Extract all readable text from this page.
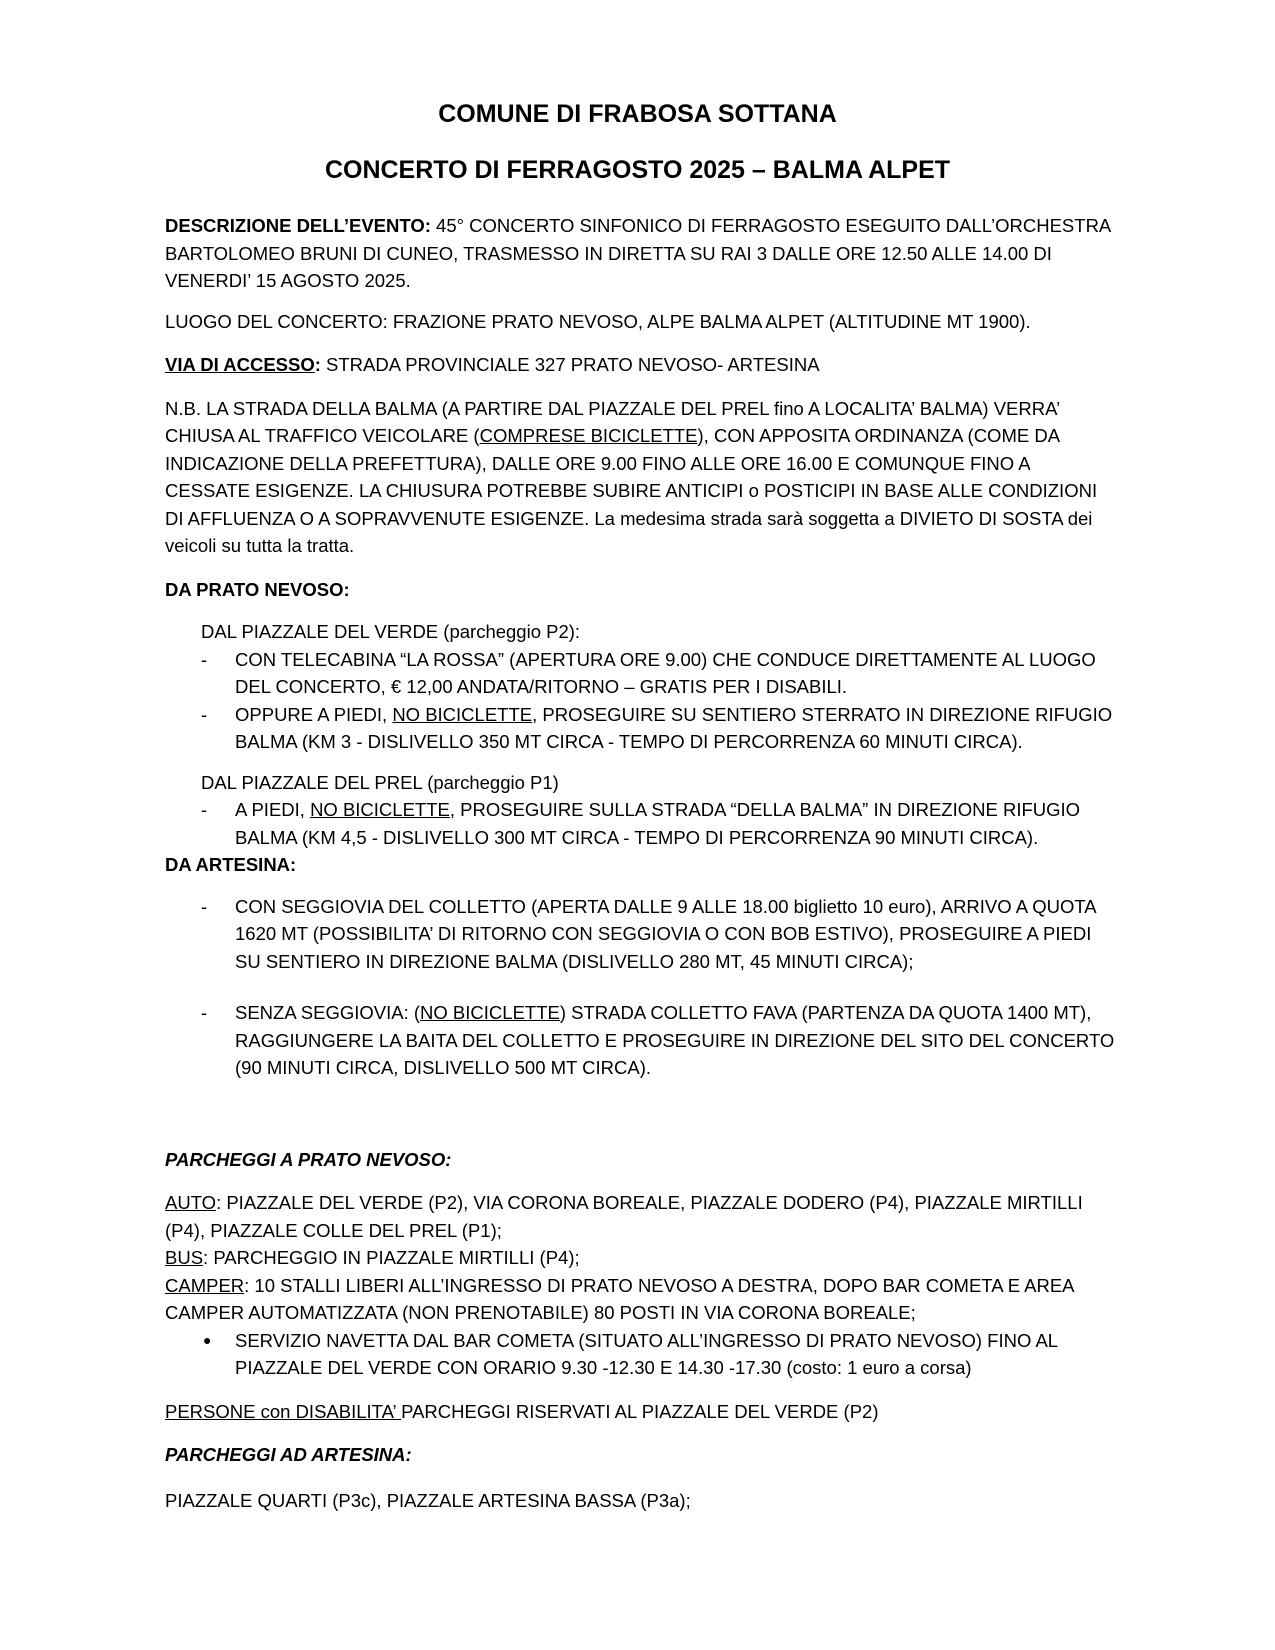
COMUNE DI FRABOSA SOTTANA
CONCERTO DI FERRAGOSTO 2025 – BALMA ALPET

DESCRIZIONE DELL’EVENTO: 45° CONCERTO SINFONICO DI FERRAGOSTO ESEGUITO DALL’ORCHESTRA BARTOLOMEO BRUNI DI CUNEO, TRASMESSO IN DIRETTA SU RAI 3 DALLE ORE 12.50 ALLE 14.00 DI VENERDI’ 15 AGOSTO 2025.

LUOGO DEL CONCERTO: FRAZIONE PRATO NEVOSO, ALPE BALMA ALPET (ALTITUDINE MT 1900).

VIA DI ACCESSO: STRADA PROVINCIALE 327 PRATO NEVOSO- ARTESINA

N.B. LA STRADA DELLA BALMA (A PARTIRE DAL PIAZZALE DEL PREL fino A LOCALITA’ BALMA) VERRA’ CHIUSA AL TRAFFICO VEICOLARE (COMPRESE BICICLETTE), CON APPOSITA ORDINANZA (COME DA INDICAZIONE DELLA PREFETTURA), DALLE ORE 9.00 FINO ALLE ORE 16.00 E COMUNQUE FINO A CESSATE ESIGENZE. LA CHIUSURA POTREBBE SUBIRE ANTICIPI o POSTICIPI IN BASE ALLE CONDIZIONI DI AFFLUENZA O A SOPRAVVENUTE ESIGENZE. La medesima strada sarà soggetta a DIVIETO DI SOSTA dei veicoli su tutta la tratta.

DA PRATO NEVOSO:

DAL PIAZZALE DEL VERDE (parcheggio P2):

- CON TELECABINA “LA ROSSA” (APERTURA ORE 9.00) CHE CONDUCE DIRETTAMENTE AL LUOGO DEL CONCERTO, € 12,00 ANDATA/RITORNO – GRATIS PER I DISABILI.
- OPPURE A PIEDI, NO BICICLETTE, PROSEGUIRE SU SENTIERO STERRATO IN DIREZIONE RIFUGIO BALMA (KM 3 - DISLIVELLO 350 MT CIRCA - TEMPO DI PERCORRENZA 60 MINUTI CIRCA).

DAL PIAZZALE DEL PREL (parcheggio P1)

- A PIEDI, NO BICICLETTE, PROSEGUIRE SULLA STRADA “DELLA BALMA” IN DIREZIONE RIFUGIO BALMA (KM 4,5 - DISLIVELLO 300 MT CIRCA - TEMPO DI PERCORRENZA 90 MINUTI CIRCA).

DA ARTESINA:

- CON SEGGIOVIA DEL COLLETTO (APERTA DALLE 9 ALLE 18.00 biglietto 10 euro), ARRIVO A QUOTA 1620 MT (POSSIBILITA’ DI RITORNO CON SEGGIOVIA O CON BOB ESTIVO), PROSEGUIRE A PIEDI SU SENTIERO IN DIREZIONE BALMA (DISLIVELLO 280 MT, 45 MINUTI CIRCA);
- SENZA SEGGIOVIA: (NO BICICLETTE) STRADA COLLETTO FAVA (PARTENZA DA QUOTA 1400 MT), RAGGIUNGERE LA BAITA DEL COLLETTO E PROSEGUIRE IN DIREZIONE DEL SITO DEL CONCERTO (90 MINUTI CIRCA, DISLIVELLO 500 MT CIRCA).

PARCHEGGI A PRATO NEVOSO:

AUTO: PIAZZALE DEL VERDE (P2), VIA CORONA BOREALE, PIAZZALE DODERO (P4), PIAZZALE MIRTILLI (P4), PIAZZALE COLLE DEL PREL (P1);

BUS: PARCHEGGIO IN PIAZZALE MIRTILLI (P4);

CAMPER: 10 STALLI LIBERI ALL’INGRESSO DI PRATO NEVOSO A DESTRA, DOPO BAR COMETA E AREA CAMPER AUTOMATIZZATA (NON PRENOTABILE) 80 POSTI IN VIA CORONA BOREALE;

● SERVIZIO NAVETTA DAL BAR COMETA (SITUATO ALL’INGRESSO DI PRATO NEVOSO) FINO AL PIAZZALE DEL VERDE CON ORARIO 9.30 -12.30 E 14.30 -17.30 (costo: 1 euro a corsa)

PERSONE con DISABILITA’ PARCHEGGI RISERVATI AL PIAZZALE DEL VERDE (P2)

PARCHEGGI AD ARTESINA:

PIAZZALE QUARTI (P3c), PIAZZALE ARTESINA BASSA (P3a);
